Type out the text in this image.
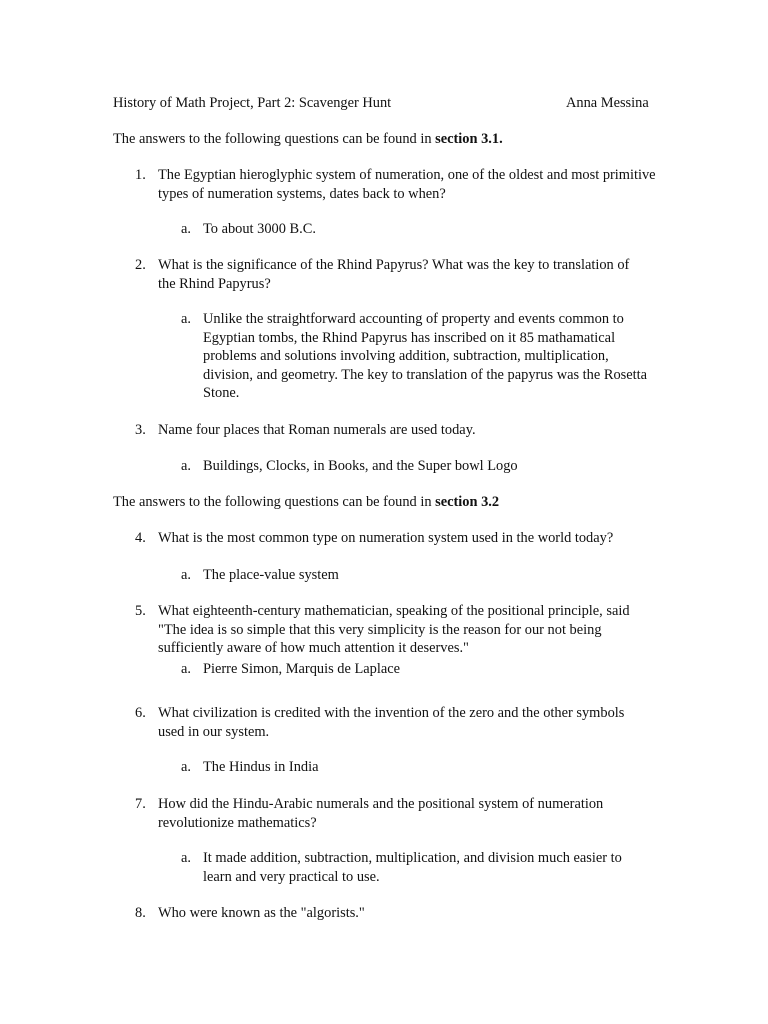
History of Math Project, Part 2: Scavenger Hunt	Anna Messina
The answers to the following questions can be found in section 3.1.
1. The Egyptian hieroglyphic system of numeration, one of the oldest and most primitive types of numeration systems, dates back to when?
a. To about 3000 B.C.
2. What is the significance of the Rhind Papyrus? What was the key to translation of the Rhind Papyrus?
a. Unlike the straightforward accounting of property and events common to Egyptian tombs, the Rhind Papyrus has inscribed on it 85 mathamatical problems and solutions involving addition, subtraction, multiplication, division, and geometry. The key to translation of the papyrus was the Rosetta Stone.
3. Name four places that Roman numerals are used today.
a. Buildings, Clocks, in Books, and the Super bowl Logo
The answers to the following questions can be found in section 3.2
4. What is the most common type on numeration system used in the world today?
a. The place-value system
5. What eighteenth-century mathematician, speaking of the positional principle, said "The idea is so simple that this very simplicity is the reason for our not being sufficiently aware of how much attention it deserves."
a. Pierre Simon, Marquis de Laplace
6. What civilization is credited with the invention of the zero and the other symbols used in our system.
a. The Hindus in India
7. How did the Hindu-Arabic numerals and the positional system of numeration revolutionize mathematics?
a. It made addition, subtraction, multiplication, and division much easier to learn and very practical to use.
8. Who were known as the "algorists."
